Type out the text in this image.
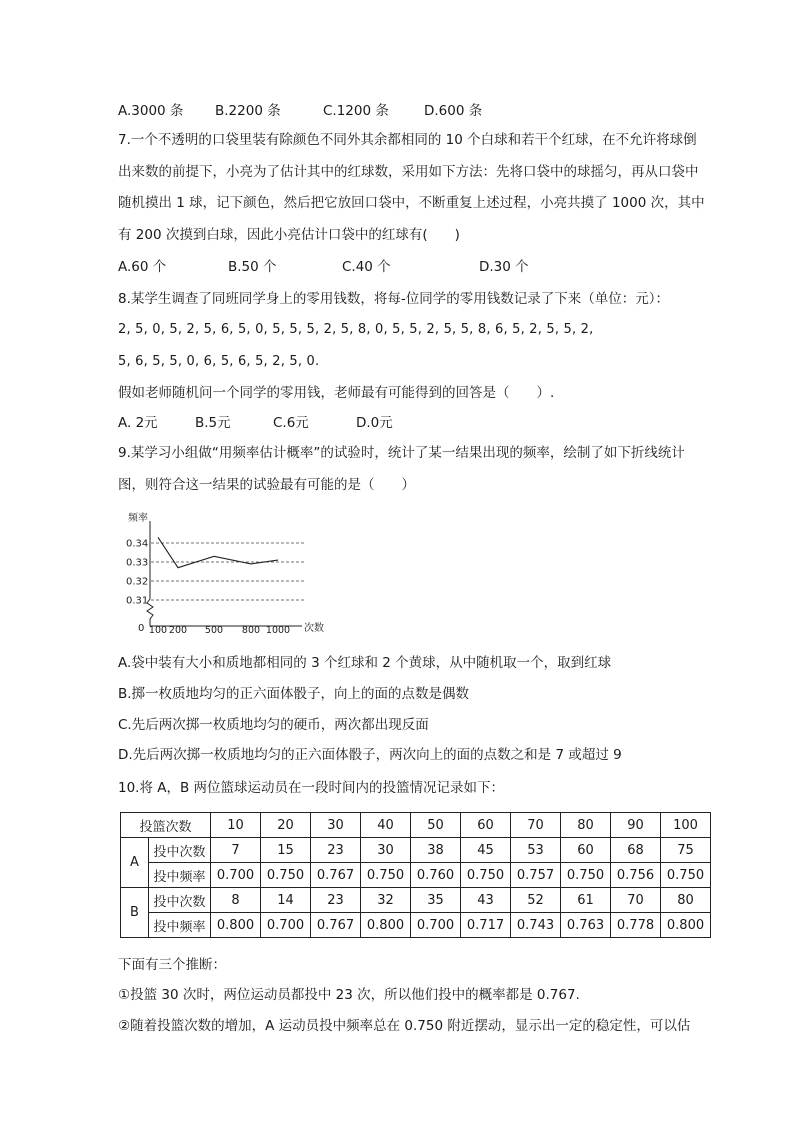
A.3000 条 B.2200 条	C.1200 条	D.600 条
7.一个不透明的口袋里装有除颜色不同外其余都相同的 10 个白球和若干个红球，在不允许将球倒出来数的前提下，小亮为了估计其中的红球数，采用如下方法：先将口袋中的球摇匀，再从口袋中随机摸出 1 球，记下颜色，然后把它放回口袋中，不断重复上述过程，小亮共摸了 1000 次，其中有 200 次摸到白球，因此小亮估计口袋中的红球有(　　)
A.60 个	B.50 个	C.40 个	D.30 个
8.某学生调查了同班同学身上的零用钱数，将每-位同学的零用钱数记录了下来（单位：元）：
2, 5, 0, 5, 2, 5, 6, 5, 0, 5, 5, 5, 2, 5, 8, 0, 5, 5, 2, 5, 5, 8, 6, 5, 2, 5, 5, 2,
5, 6, 5, 5, 0, 6, 5, 6, 5, 2, 5, 0.
假如老师随机问一个同学的零用钱，老师最有可能得到的回答是（　　）.
A. 2元	B.5元	C.6元	D.0元
9.某学习小组做“用频率估计概率”的试验时，统计了某一结果出现的频率，绘制了如下折线统计图，则符合这一结果的试验最有可能的是（　　）
频率
次数
0
0.34
0.33
0.32
0.31
100 200 500 800 1000
A.袋中装有大小和质地都相同的 3 个红球和 2 个黄球，从中随机取一个，取到红球
B.掷一枚质地均匀的正六面体骰子，向上的面的点数是偶数
C.先后两次掷一枚质地均匀的硬币，两次都出现反面
D.先后两次掷一枚质地均匀的正六面体骰子，两次向上的面的点数之和是 7 或超过 9
10.将 A，B 两位篮球运动员在一段时间内的投篮情况记录如下：
投篮次数		10	20	30	40	50	60	70	80	90	100
A	投中次数	7	15	23	30	38	45	53	60	68	75
	投中频率	0.700	0.750	0.767	0.750	0.760	0.750	0.757	0.750	0.756	0.750
B	投中次数	8	14	23	32	35	43	52	61	70	80
	投中频率	0.800	0.700	0.767	0.800	0.700	0.717	0.743	0.763	0.778	0.800
下面有三个推断：
①投篮 30 次时，两位运动员都投中 23 次，所以他们投中的概率都是 0.767.
②随着投篮次数的增加，A 运动员投中频率总在 0.750 附近摆动，显示出一定的稳定性，可以估
